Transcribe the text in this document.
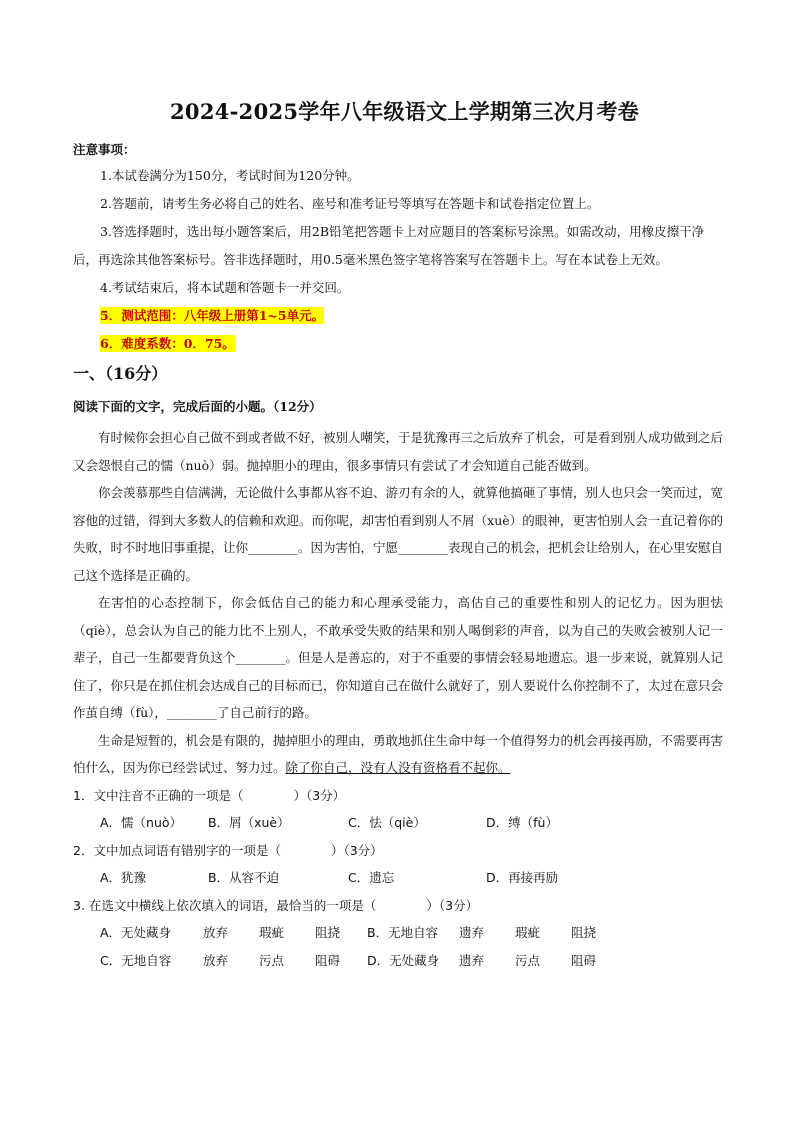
2024-2025学年八年级语文上学期第三次月考卷

注意事项：

1.本试卷满分为150分，考试时间为120分钟。

2.答题前，请考生务必将自己的姓名、座号和准考证号等填写在答题卡和试卷指定位置上。

3.答选择题时，选出每小题答案后，用2B铅笔把答题卡上对应题目的答案标号涂黑。如需改动，用橡皮擦干净后，再选涂其他答案标号。答非选择题时，用0.5毫米黑色签字笔将答案写在答题卡上。写在本试卷上无效。

4.考试结束后，将本试题和答题卡一并交回。

5．测试范围：八年级上册第1~5单元。

6．难度系数：0．75。

一、（16分）

阅读下面的文字，完成后面的小题。（12分）

有时候你会担心自己做不到或者做不好，被别人嘲笑，于是犹豫再三之后放弃了机会，可是看到别人成功做到之后又会怨恨自己的懦（nuò）弱。抛掉胆小的理由，很多事情只有尝试了才会知道自己能否做到。

你会羡慕那些自信满满，无论做什么事都从容不迫、游刃有余的人，就算他搞砸了事情，别人也只会一笑而过，宽容他的过错，得到大多数人的信赖和欢迎。而你呢，却害怕看到别人不屑（xuè）的眼神，更害怕别人会一直记着你的失败，时不时地旧事重提，让你________。因为害怕，宁愿________表现自己的机会，把机会让给别人，在心里安慰自己这个选择是正确的。

在害怕的心态控制下，你会低估自己的能力和心理承受能力，高估自己的重要性和别人的记忆力。因为胆怯（qiè），总会认为自己的能力比不上别人，不敢承受失败的结果和别人喝倒彩的声音，以为自己的失败会被别人记一辈子，自己一生都要背负这个________。但是人是善忘的，对于不重要的事情会轻易地遗忘。退一步来说，就算别人记住了，你只是在抓住机会达成自己的目标而已，你知道自己在做什么就好了，别人要说什么你控制不了，太过在意只会作茧自缚（fù），________了自己前行的路。

生命是短暂的，机会是有限的，抛掉胆小的理由，勇敢地抓住生命中每一个值得努力的机会再接再励，不需要再害怕什么，因为你已经尝试过、努力过。除了你自己，没有人没有资格看不起你。

1．文中注音不正确的一项是（　　　　）（3分）

A．懦（nuò）	B．屑（xuè）	C．怯（qiè）	D．缚（fù）

2．文中加点词语有错别字的一项是（　　　　）（3分）

A．犹豫	B．从容不迫	C．遗忘	D．再接再励

3. 在选文中横线上依次填入的词语，最恰当的一项是（　　　　）（3分）

A．无处藏身	放弃 瑕疵 阻挠 B．无地自容 遗弃 瑕疵 阻挠
C．无地自容	放弃 污点 阻碍 D．无处藏身 遗弃 污点 阻碍
